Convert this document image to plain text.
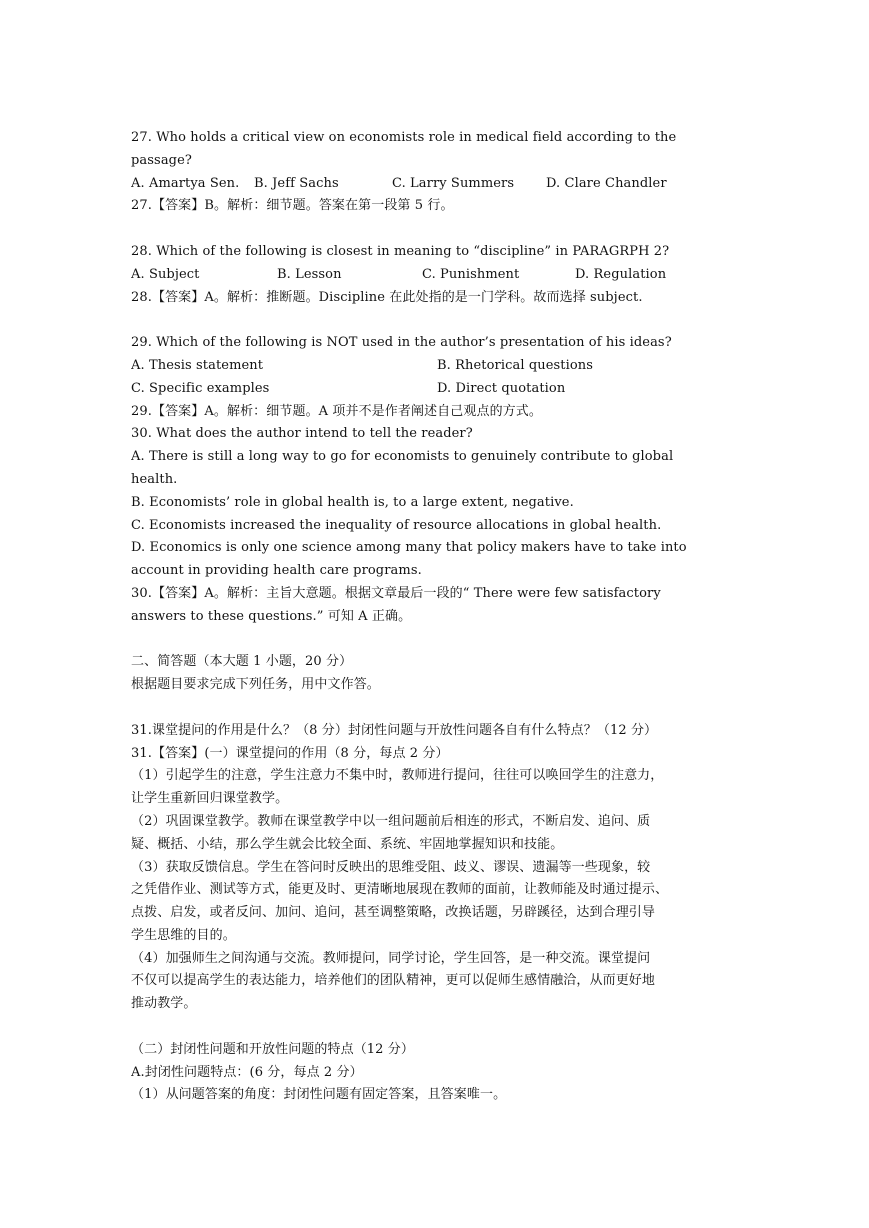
27. Who holds a critical view on economists role in medical field according to the
passage?
A. Amartya Sen.	B. Jeff Sachs	C. Larry Summers	D. Clare Chandler
27.【答案】B。解析：细节题。答案在第一段第 5 行。
28. Which of the following is closest in meaning to “discipline” in PARAGRPH 2?
A. Subject	B. Lesson	C. Punishment	D. Regulation
28.【答案】A。解析：推断题。Discipline 在此处指的是一门学科。故而选择 subject.
29. Which of the following is NOT used in the author’s presentation of his ideas?
A. Thesis statement	B. Rhetorical questions
C. Specific examples	D. Direct quotation
29.【答案】A。解析：细节题。A 项并不是作者阐述自己观点的方式。
30. What does the author intend to tell the reader?
A. There is still a long way to go for economists to genuinely contribute to global
health.
B. Economists’ role in global health is, to a large extent, negative.
C. Economists increased the inequality of resource allocations in global health.
D. Economics is only one science among many that policy makers have to take into
account in providing health care programs.
30.【答案】A。解析：主旨大意题。根据文章最后一段的“ There were few satisfactory
answers to these questions.” 可知 A 正确。
二、简答题（本大题 1 小题，20 分）
根据题目要求完成下列任务，用中文作答。
31.课堂提问的作用是什么？（8 分）封闭性问题与开放性问题各自有什么特点？（12 分）
31.【答案】(一）课堂提问的作用（8 分，每点 2 分）
（1）引起学生的注意，学生注意力不集中时，教师进行提问，往往可以唤回学生的注意力，
让学生重新回归课堂教学。
（2）巩固课堂教学。教师在课堂教学中以一组问题前后相连的形式，不断启发、追问、质
疑、概括、小结，那么学生就会比较全面、系统、牢固地掌握知识和技能。
（3）获取反馈信息。学生在答问时反映出的思维受阻、歧义、谬误、遗漏等一些现象，较
之凭借作业、测试等方式，能更及时、更清晰地展现在教师的面前，让教师能及时通过提示、
点拨、启发，或者反问、加问、追问，甚至调整策略，改换话题，另辟蹊径，达到合理引导
学生思维的目的。
（4）加强师生之间沟通与交流。教师提问，同学讨论，学生回答，是一种交流。课堂提问
不仅可以提高学生的表达能力，培养他们的团队精神，更可以促师生感情融洽，从而更好地
推动教学。
（二）封闭性问题和开放性问题的特点（12 分）
A.封闭性问题特点：(6 分，每点 2 分）
（1）从问题答案的角度：封闭性问题有固定答案，且答案唯一。
